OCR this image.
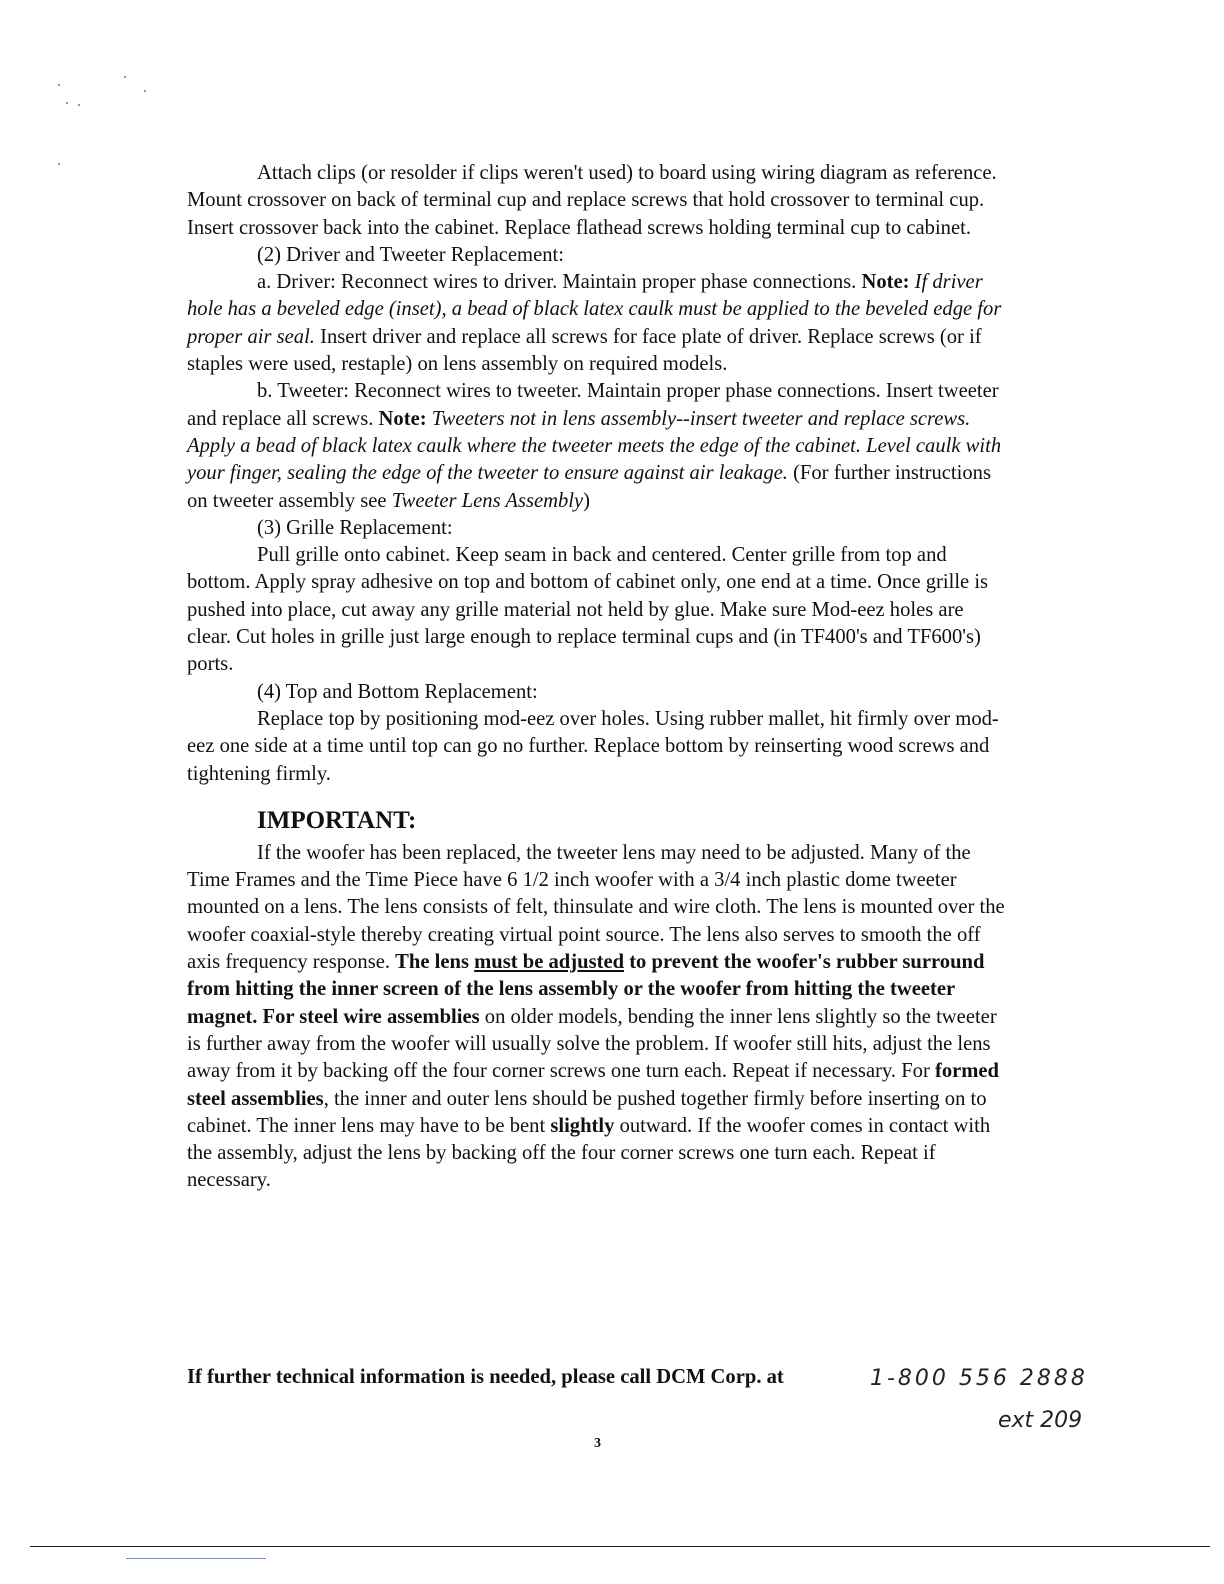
Attach clips (or resolder if clips weren't used) to board using wiring diagram as reference. Mount crossover on back of terminal cup and replace screws that hold crossover to terminal cup. Insert crossover back into the cabinet. Replace flathead screws holding terminal cup to cabinet.

(2) Driver and Tweeter Replacement:

a. Driver: Reconnect wires to driver. Maintain proper phase connections. Note: If driver hole has a beveled edge (inset), a bead of black latex caulk must be applied to the beveled edge for proper air seal. Insert driver and replace all screws for face plate of driver. Replace screws (or if staples were used, restaple) on lens assembly on required models.

b. Tweeter: Reconnect wires to tweeter. Maintain proper phase connections. Insert tweeter and replace all screws. Note: Tweeters not in lens assembly--insert tweeter and replace screws. Apply a bead of black latex caulk where the tweeter meets the edge of the cabinet. Level caulk with your finger, sealing the edge of the tweeter to ensure against air leakage. (For further instructions on tweeter assembly see Tweeter Lens Assembly)

(3) Grille Replacement:

Pull grille onto cabinet. Keep seam in back and centered. Center grille from top and bottom. Apply spray adhesive on top and bottom of cabinet only, one end at a time. Once grille is pushed into place, cut away any grille material not held by glue. Make sure Mod-eez holes are clear. Cut holes in grille just large enough to replace terminal cups and (in TF400's and TF600's) ports.

(4) Top and Bottom Replacement:

Replace top by positioning mod-eez over holes. Using rubber mallet, hit firmly over mod-eez one side at a time until top can go no further. Replace bottom by reinserting wood screws and tightening firmly.

IMPORTANT:

If the woofer has been replaced, the tweeter lens may need to be adjusted. Many of the Time Frames and the Time Piece have 6 1/2 inch woofer with a 3/4 inch plastic dome tweeter mounted on a lens. The lens consists of felt, thinsulate and wire cloth. The lens is mounted over the woofer coaxial-style thereby creating virtual point source. The lens also serves to smooth the off axis frequency response. The lens must be adjusted to prevent the woofer's rubber surround from hitting the inner screen of the lens assembly or the woofer from hitting the tweeter magnet. For steel wire assemblies on older models, bending the inner lens slightly so the tweeter is further away from the woofer will usually solve the problem. If woofer still hits, adjust the lens away from it by backing off the four corner screws one turn each. Repeat if necessary. For formed steel assemblies, the inner and outer lens should be pushed together firmly before inserting on to cabinet. The inner lens may have to be bent slightly outward. If the woofer comes in contact with the assembly, adjust the lens by backing off the four corner screws one turn each. Repeat if necessary.

If further technical information is needed, please call DCM Corp. at	1-800 556 2888
ext 209
3
